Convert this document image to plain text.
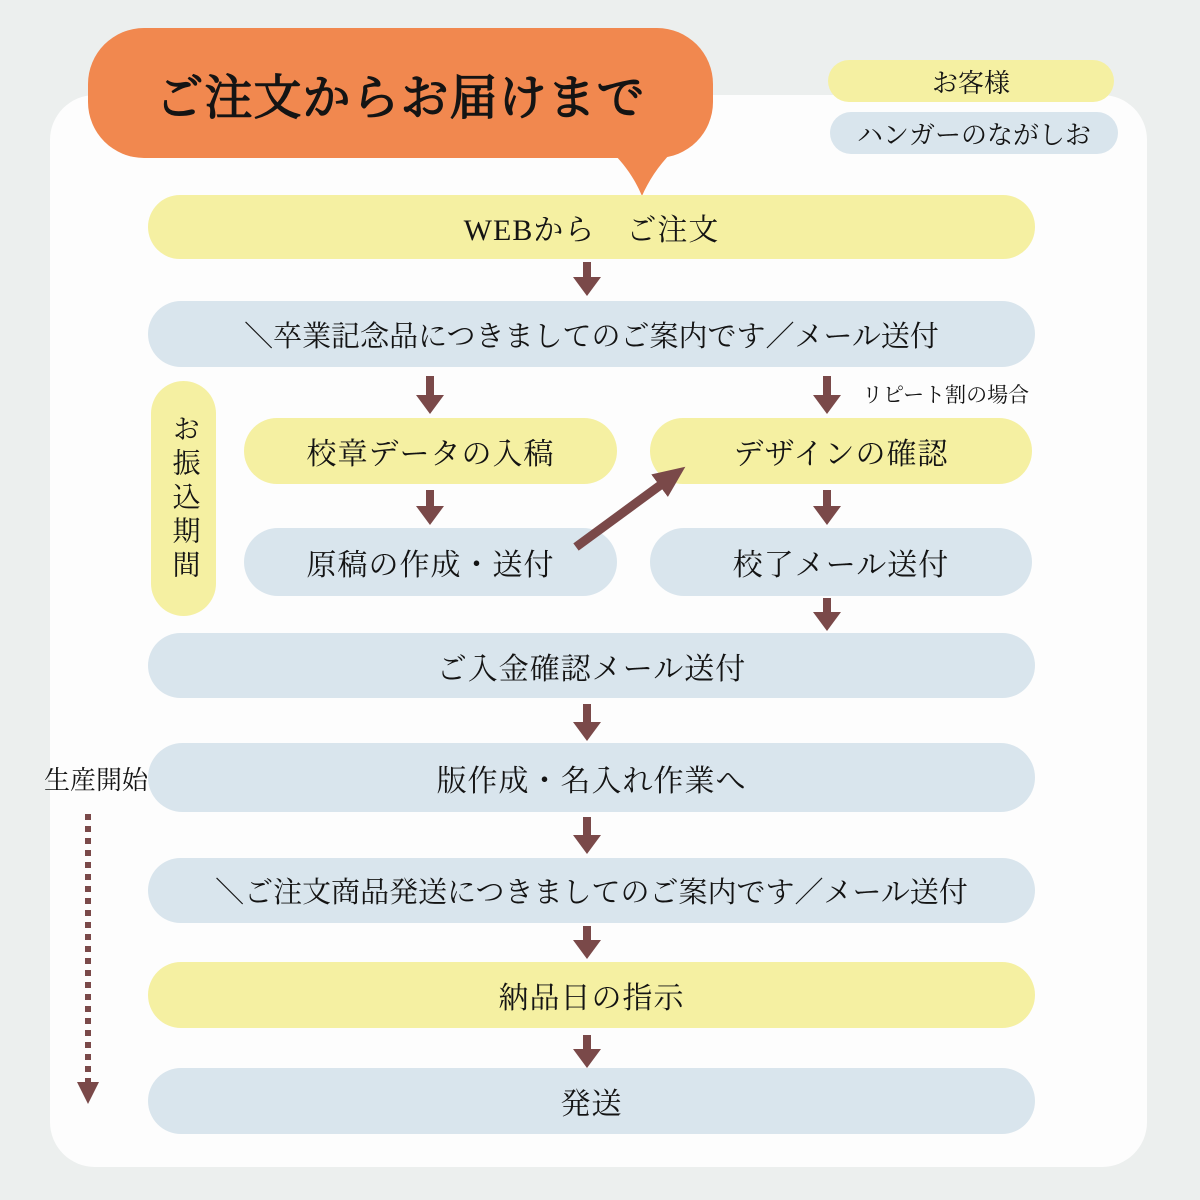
ご注文からお届けまで	お客様
ハンガーのながしお
WEBから　ご注文
＼卒業記念品につきましてのご案内です／メール送付
リピート割の場合
お振込期間	校章データの入稿	デザインの確認
原稿の作成・送付	校了メール送付
ご入金確認メール送付
生産開始	版作成・名入れ作業へ
＼ご注文商品発送につきましてのご案内です／メール送付
納品日の指示
発送
